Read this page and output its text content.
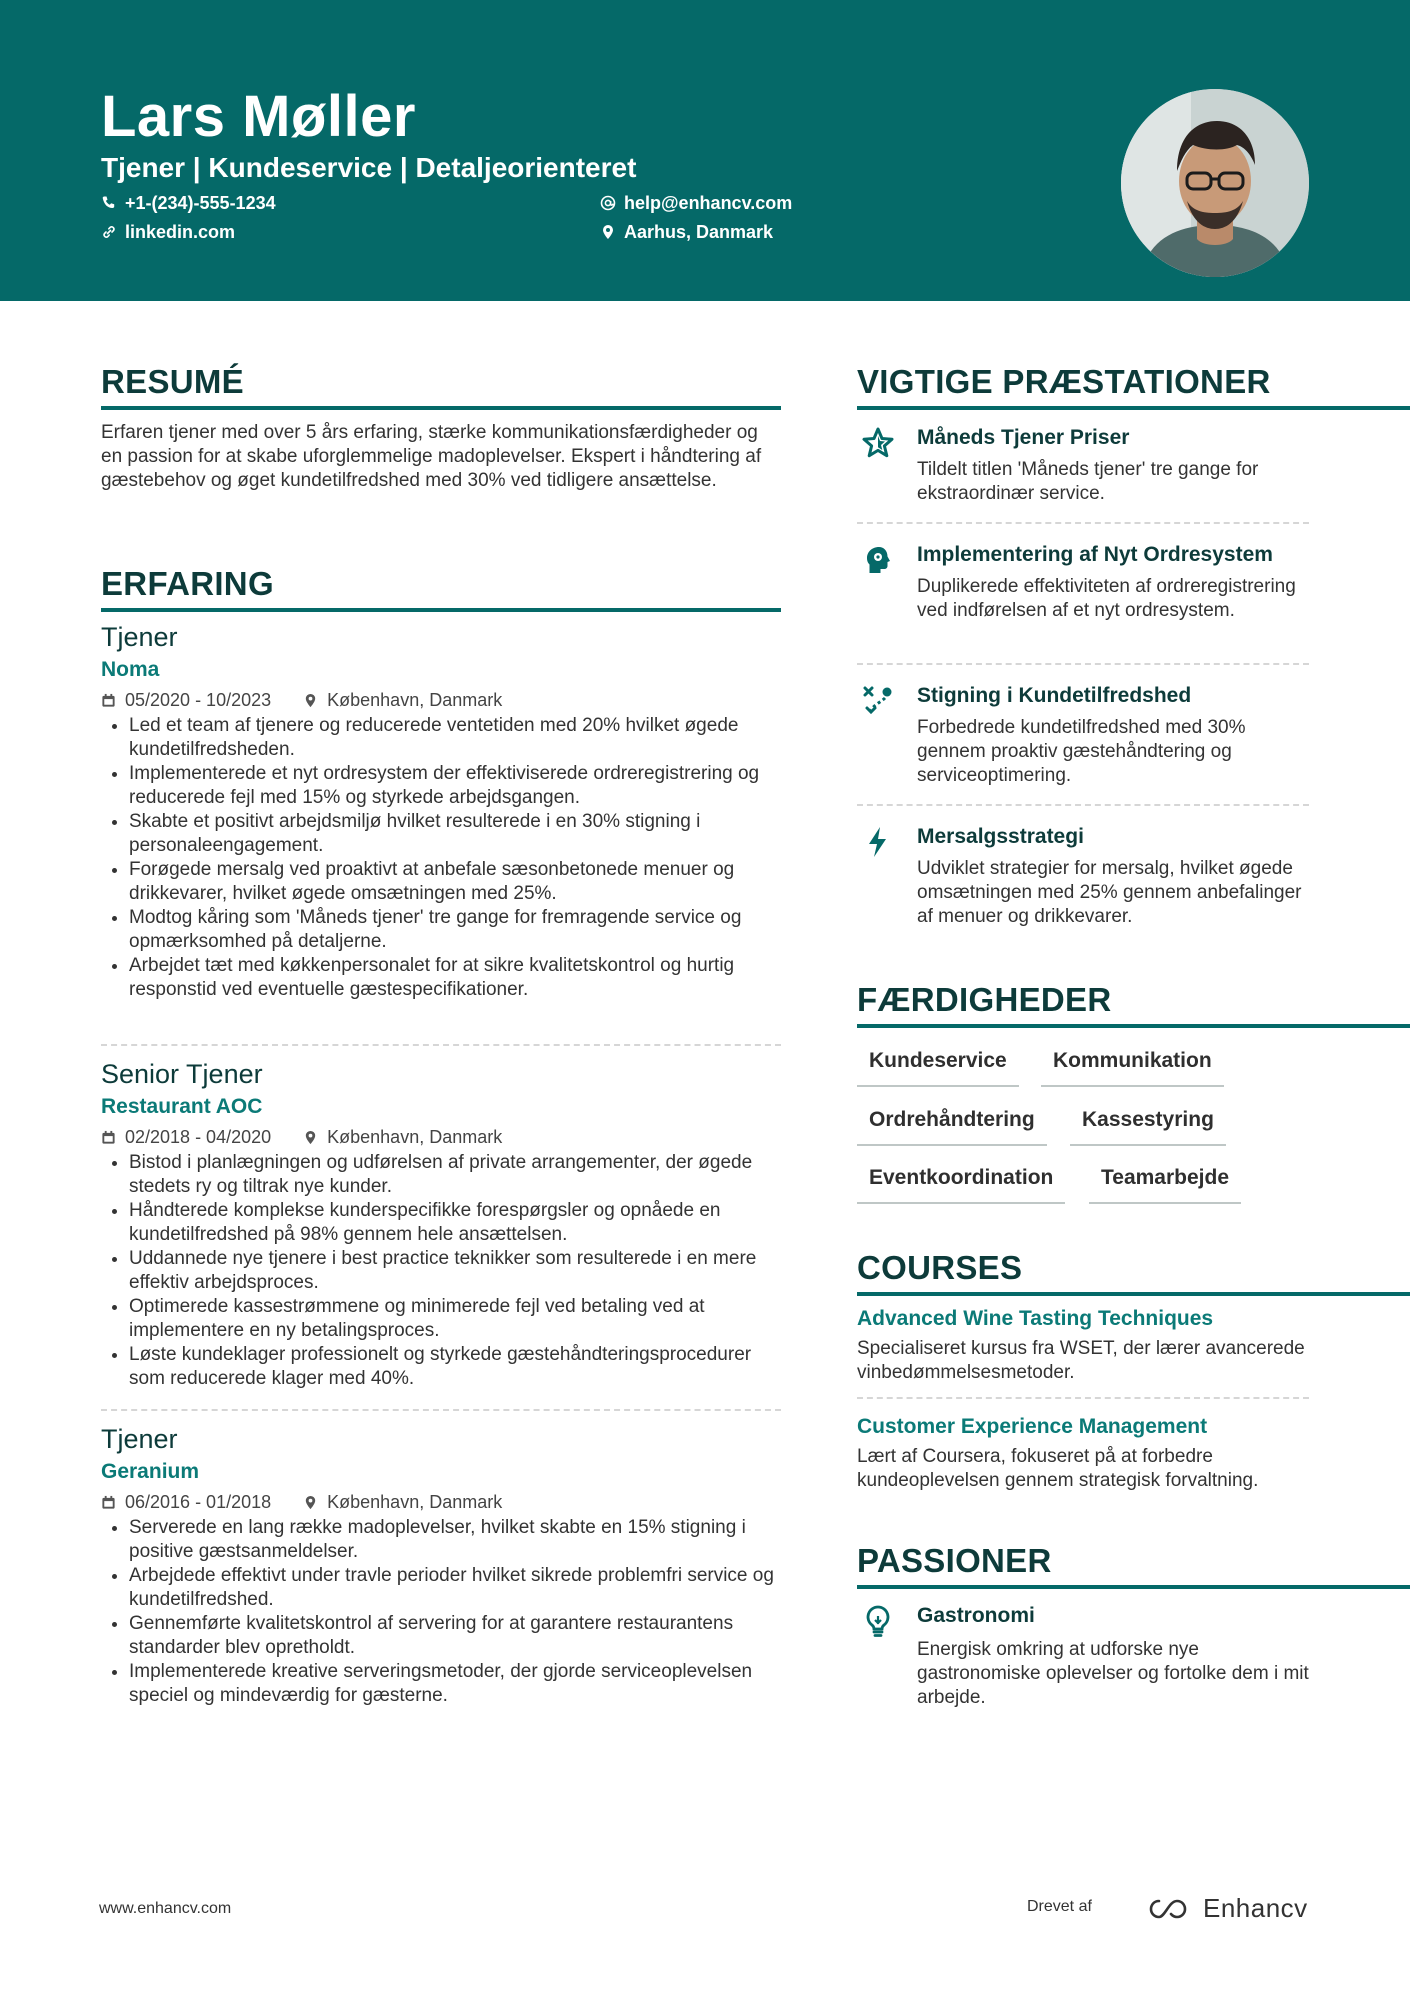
Lars Møller
Tjener | Kundeservice | Detaljeorienteret
+1-(234)-555-1234	help@enhancv.com
linkedin.com	Aarhus, Danmark
RESUMÉ
Erfaren tjener med over 5 års erfaring, stærke kommunikationsfærdigheder og en passion for at skabe uforglemmelige madoplevelser. Ekspert i håndtering af gæstebehov og øget kundetilfredshed med 30% ved tidligere ansættelse.
ERFARING
Tjener
Noma
05/2020 - 10/2023	København, Danmark
• Led et team af tjenere og reducerede ventetiden med 20% hvilket øgede kundetilfredsheden.
• Implementerede et nyt ordresystem der effektiviserede ordreregistrering og reducerede fejl med 15% og styrkede arbejdsgangen.
• Skabte et positivt arbejdsmiljø hvilket resulterede i en 30% stigning i personaleengagement.
• Forøgede mersalg ved proaktivt at anbefale sæsonbetonede menuer og drikkevarer, hvilket øgede omsætningen med 25%.
• Modtog kåring som 'Måneds tjener' tre gange for fremragende service og opmærksomhed på detaljerne.
• Arbejdet tæt med køkkenpersonalet for at sikre kvalitetskontrol og hurtig responstid ved eventuelle gæstespecifikationer.
Senior Tjener
Restaurant AOC
02/2018 - 04/2020	København, Danmark
• Bistod i planlægningen og udførelsen af private arrangementer, der øgede stedets ry og tiltrak nye kunder.
• Håndterede komplekse kunderspecifikke forespørgsler og opnåede en kundetilfredshed på 98% gennem hele ansættelsen.
• Uddannede nye tjenere i best practice teknikker som resulterede i en mere effektiv arbejdsproces.
• Optimerede kassestrømmene og minimerede fejl ved betaling ved at implementere en ny betalingsproces.
• Løste kundeklager professionelt og styrkede gæstehåndteringsprocedurer som reducerede klager med 40%.
Tjener
Geranium
06/2016 - 01/2018	København, Danmark
• Serverede en lang række madoplevelser, hvilket skabte en 15% stigning i positive gæstsanmeldelser.
• Arbejdede effektivt under travle perioder hvilket sikrede problemfri service og kundetilfredshed.
• Gennemførte kvalitetskontrol af servering for at garantere restaurantens standarder blev opretholdt.
• Implementerede kreative serveringsmetoder, der gjorde serviceoplevelsen speciel og mindeværdig for gæsterne.
VIGTIGE PRÆSTATIONER
Måneds Tjener Priser
Tildelt titlen 'Måneds tjener' tre gange for ekstraordinær service.
Implementering af Nyt Ordresystem
Duplikerede effektiviteten af ordreregistrering ved indførelsen af et nyt ordresystem.
Stigning i Kundetilfredshed
Forbedrede kundetilfredshed med 30% gennem proaktiv gæstehåndtering og serviceoptimering.
Mersalgsstrategi
Udviklet strategier for mersalg, hvilket øgede omsætningen med 25% gennem anbefalinger af menuer og drikkevarer.
FÆRDIGHEDER
Kundeservice	Kommunikation
Ordrehåndtering	Kassestyring
Eventkoordination	Teamarbejde
COURSES
Advanced Wine Tasting Techniques
Specialiseret kursus fra WSET, der lærer avancerede vinbedømmelsesmetoder.
Customer Experience Management
Lært af Coursera, fokuseret på at forbedre kundeoplevelsen gennem strategisk forvaltning.
PASSIONER
Gastronomi
Energisk omkring at udforske nye gastronomiske oplevelser og fortolke dem i mit arbejde.
www.enhancv.com	Drevet af	Enhancv
